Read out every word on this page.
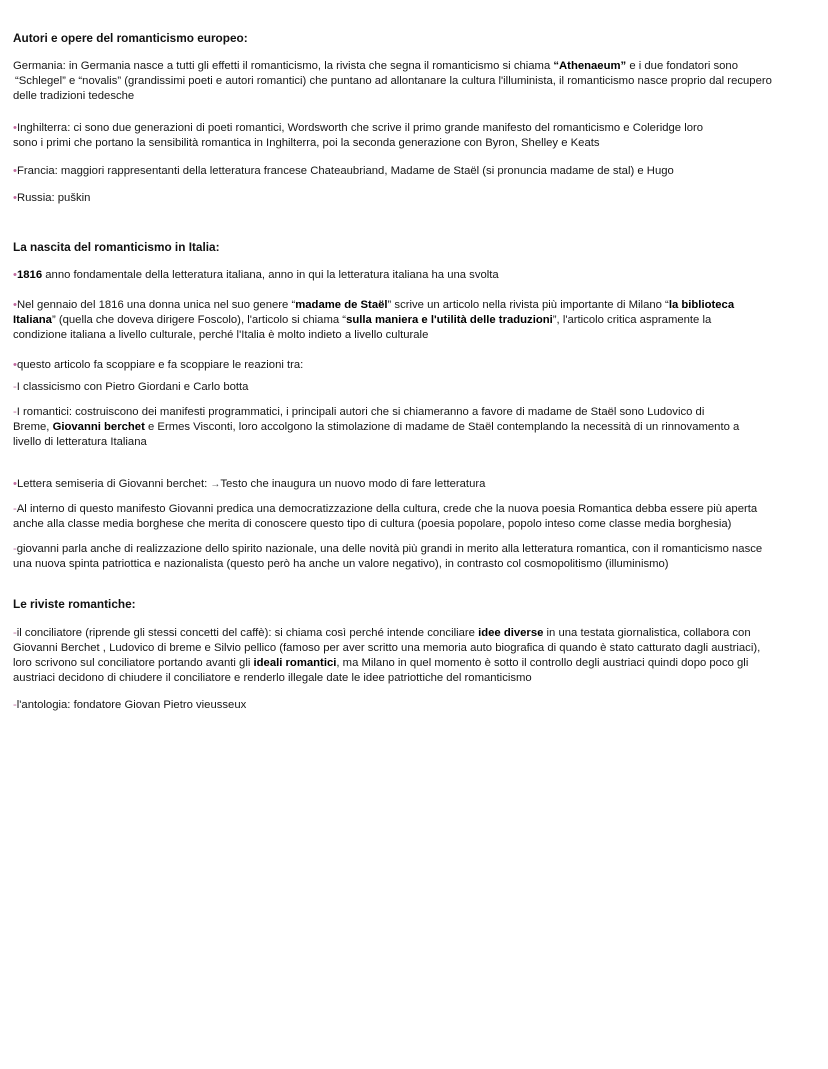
Autori e opere del romanticismo europeo:
Germania: in Germania nasce a tutti gli effetti il romanticismo, la rivista che segna il romanticismo si chiama “Athenaeum” e i due fondatori sono
“Schlegel” e “novalis” (grandissimi poeti e autori romantici) che puntano ad allontanare la cultura l'illuminista, il romanticismo nasce proprio dal recupero
delle tradizioni tedesche
•Inghilterra: ci sono due generazioni di poeti romantici, Wordsworth che scrive il primo grande manifesto del romanticismo e Coleridge loro
sono i primi che portano la sensibilità romantica in Inghilterra, poi la seconda generazione con Byron, Shelley e Keats
•Francia: maggiori rappresentanti della letteratura francese Chateaubriand, Madame de Staël (si pronuncia madame de stal) e Hugo
•Russia: puškin
La nascita del romanticismo in Italia:
•1816 anno fondamentale della letteratura italiana, anno in qui la letteratura italiana ha una svolta
•Nel gennaio del 1816 una donna unica nel suo genere “madame de Staël” scrive un articolo nella rivista più importante di Milano “la biblioteca
Italiana” (quella che doveva dirigere Foscolo), l'articolo si chiama “sulla maniera e l'utilità delle traduzioni”, l'articolo critica aspramente la
condizione italiana a livello culturale, perché l'Italia è molto indieto a livello culturale
•questo articolo fa scoppiare e fa scoppiare le reazioni tra:
-I classicismo con Pietro Giordani e Carlo botta
-I romantici: costruiscono dei manifesti programmatici, i principali autori che si chiameranno a favore di madame de Staël sono Ludovico di
Breme, Giovanni berchet e Ermes Visconti, loro accolgono la stimolazione di madame de Staël contemplando la necessità di un rinnovamento a
livello di letteratura Italiana
•Lettera semiseria di Giovanni berchet: →Testo che inaugura un nuovo modo di fare letteratura
-Al interno di questo manifesto Giovanni predica una democratizzazione della cultura, crede che la nuova poesia Romantica debba essere più aperta
anche alla classe media borghese che merita di conoscere questo tipo di cultura (poesia popolare, popolo inteso come classe media borghesia)
-giovanni parla anche di realizzazione dello spirito nazionale, una delle novità più grandi in merito alla letteratura romantica, con il romanticismo nasce
una nuova spinta patriottica e nazionalista (questo però ha anche un valore negativo), in contrasto col cosmopolitismo (illuminismo)
Le riviste romantiche:
-il conciliatore (riprende gli stessi concetti del caffè): si chiama così perché intende conciliare idee diverse in una testata giornalistica, collabora con
Giovanni Berchet , Ludovico di breme e Silvio pellico (famoso per aver scritto una memoria auto biografica di quando è stato catturato dagli austriaci),
loro scrivono sul conciliatore portando avanti gli ideali romantici, ma Milano in quel momento è sotto il controllo degli austriaci quindi dopo poco gli
austriaci decidono di chiudere il conciliatore e renderlo illegale date le idee patriottiche del romanticismo
-l'antologia: fondatore Giovan Pietro vieusseux
